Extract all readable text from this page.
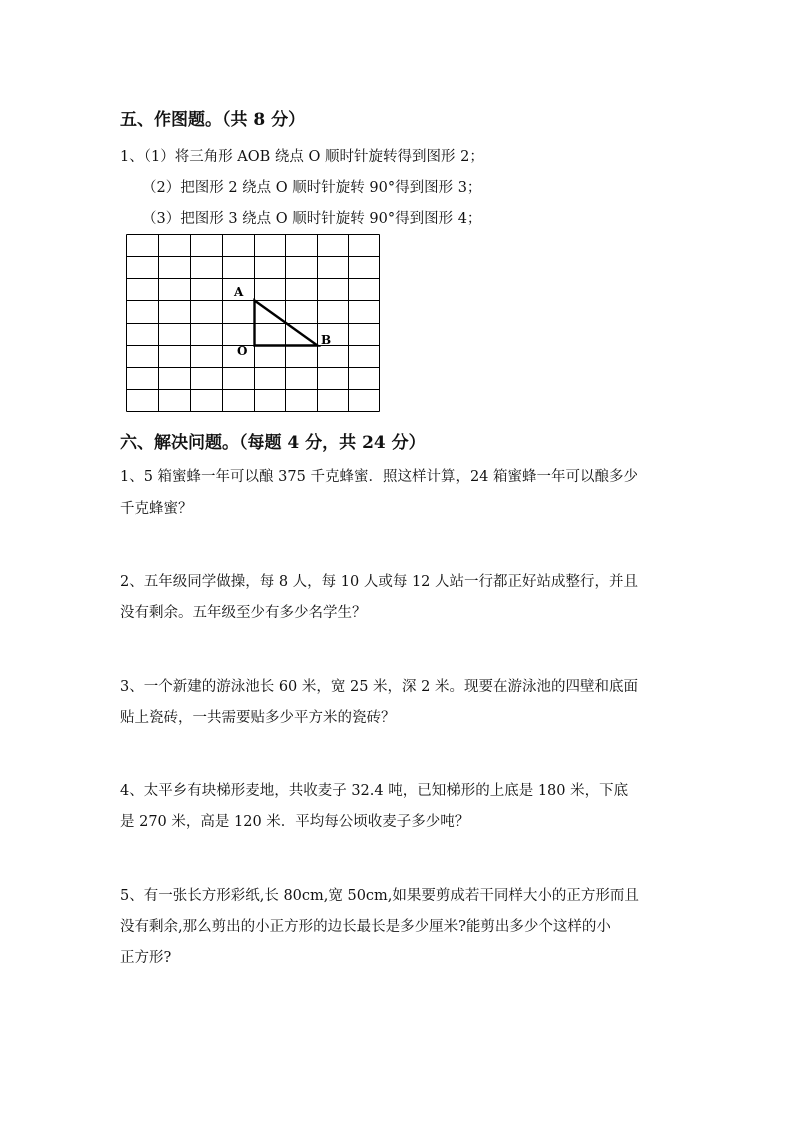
五、作图题。（共 8 分）
1、（1）将三角形 AOB 绕点 O 顺时针旋转得到图形 2；
（2）把图形 2 绕点 O 顺时针旋转 90°得到图形 3；
（3）把图形 3 绕点 O 顺时针旋转 90°得到图形 4；
A
O
B
六、解决问题。（每题 4 分，共 24 分）
1、5 箱蜜蜂一年可以酿 375 千克蜂蜜．照这样计算，24 箱蜜蜂一年可以酿多少
千克蜂蜜？
2、五年级同学做操，每 8 人，每 10 人或每 12 人站一行都正好站成整行，并且
没有剩余。五年级至少有多少名学生？
3、一个新建的游泳池长 60 米，宽 25 米，深 2 米。现要在游泳池的四壁和底面
贴上瓷砖，一共需要贴多少平方米的瓷砖？
4、太平乡有块梯形麦地，共收麦子 32.4 吨，已知梯形的上底是 180 米，下底
是 270 米，高是 120 米．平均每公顷收麦子多少吨？
5、有一张长方形彩纸,长 80cm,宽 50cm,如果要剪成若干同样大小的正方形而且
没有剩余,那么剪出的小正方形的边长最长是多少厘米?能剪出多少个这样的小
正方形?
